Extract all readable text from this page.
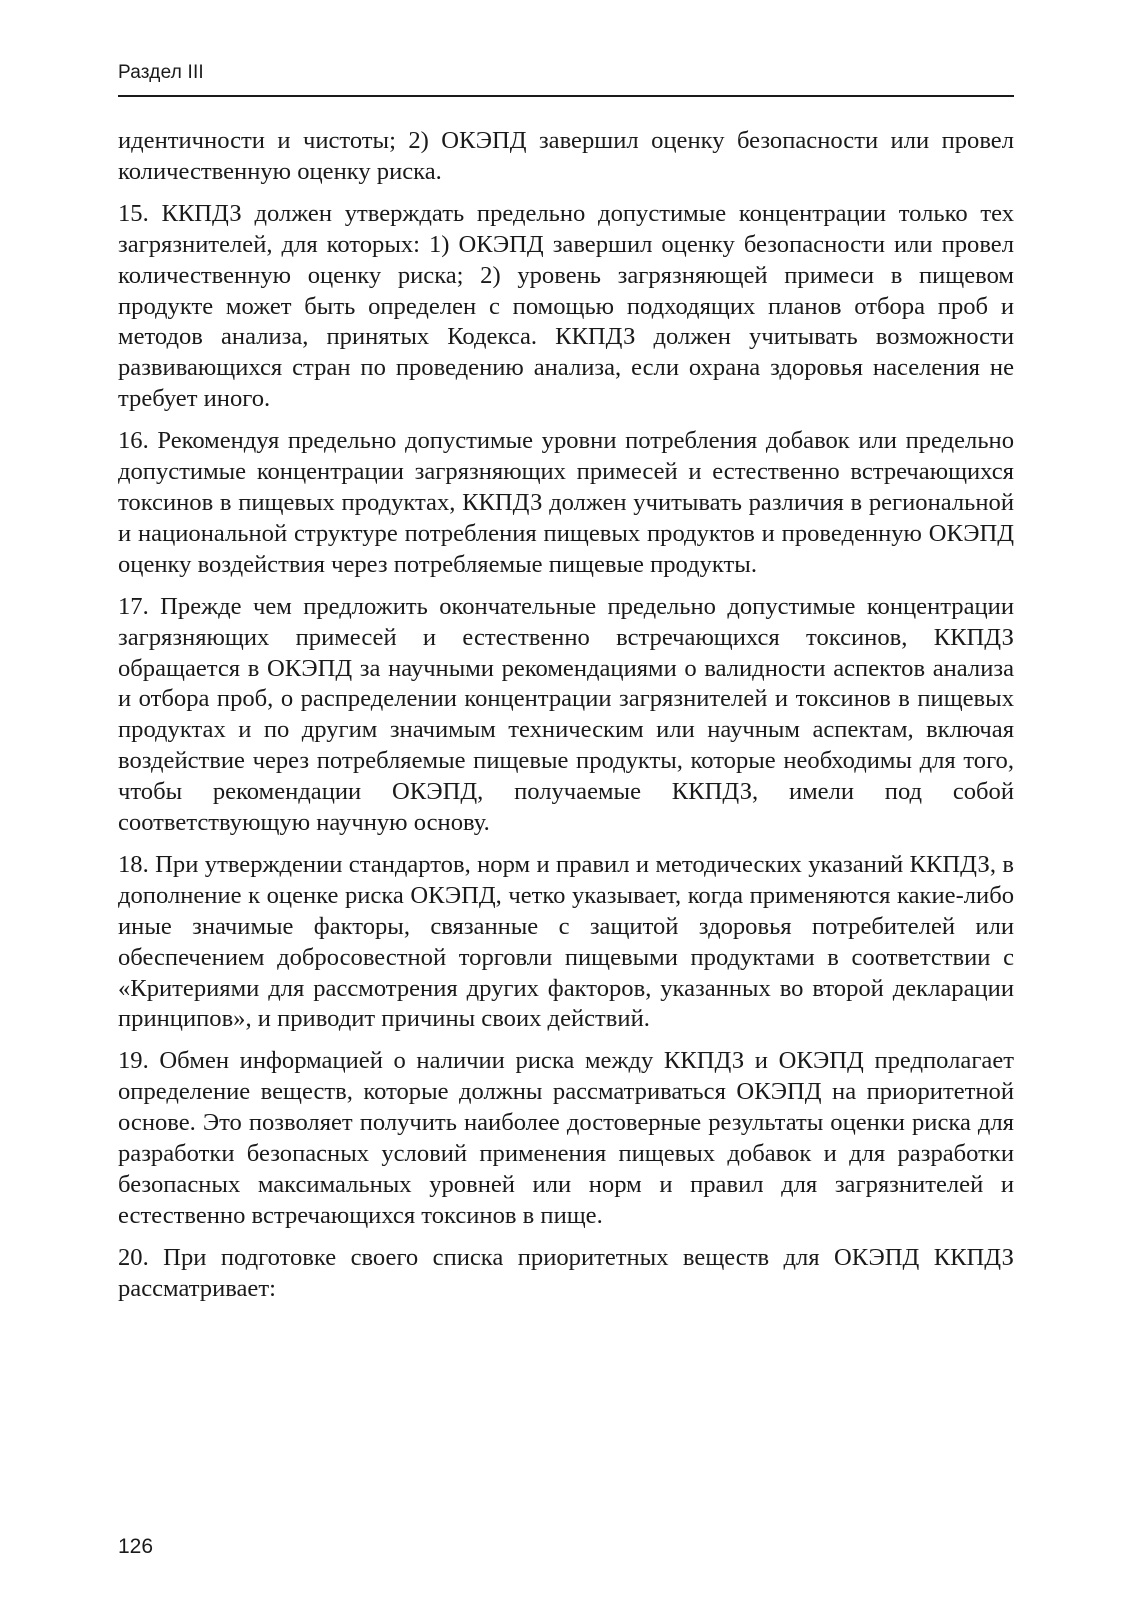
Раздел III

идентичности и чистоты; 2) ОКЭПД завершил оценку безопасности или провел количественную оценку риска.

15. ККПДЗ должен утверждать предельно допустимые концентрации только тех загрязнителей, для которых: 1) ОКЭПД завершил оценку безопасности или провел количественную оценку риска; 2) уровень загрязняющей примеси в пищевом продукте может быть определен с помощью подходящих планов отбора проб и методов анализа, принятых Кодекса. ККПДЗ должен учитывать возможности развивающихся стран по проведению анализа, если охрана здоровья населения не требует иного.

16. Рекомендуя предельно допустимые уровни потребления добавок или предельно допустимые концентрации загрязняющих примесей и естественно встречающихся токсинов в пищевых продуктах, ККПДЗ должен учитывать различия в региональной и национальной структуре потребления пищевых продуктов и проведенную ОКЭПД оценку воздействия через потребляемые пищевые продукты.

17. Прежде чем предложить окончательные предельно допустимые концентрации загрязняющих примесей и естественно встречающихся токсинов, ККПДЗ обращается в ОКЭПД за научными рекомендациями о валидности аспектов анализа и отбора проб, о распределении концентрации загрязнителей и токсинов в пищевых продуктах и по другим значимым техническим или научным аспектам, включая воздействие через потребляемые пищевые продукты, которые необходимы для того, чтобы рекомендации ОКЭПД, получаемые ККПДЗ, имели под собой соответствующую научную основу.

18. При утверждении стандартов, норм и правил и методических указаний ККПДЗ, в дополнение к оценке риска ОКЭПД, четко указывает, когда применяются какие-либо иные значимые факторы, связанные с защитой здоровья потребителей или обеспечением добросовестной торговли пищевыми продуктами в соответствии с «Критериями для рассмотрения других факторов, указанных во второй декларации принципов», и приводит причины своих действий.

19. Обмен информацией о наличии риска между ККПДЗ и ОКЭПД предполагает определение веществ, которые должны рассматриваться ОКЭПД на приоритетной основе. Это позволяет получить наиболее достоверные результаты оценки риска для разработки безопасных условий применения пищевых добавок и для разработки безопасных максимальных уровней или норм и правил для загрязнителей и естественно встречающихся токсинов в пище.

20. При подготовке своего списка приоритетных веществ для ОКЭПД ККПДЗ рассматривает:

126
